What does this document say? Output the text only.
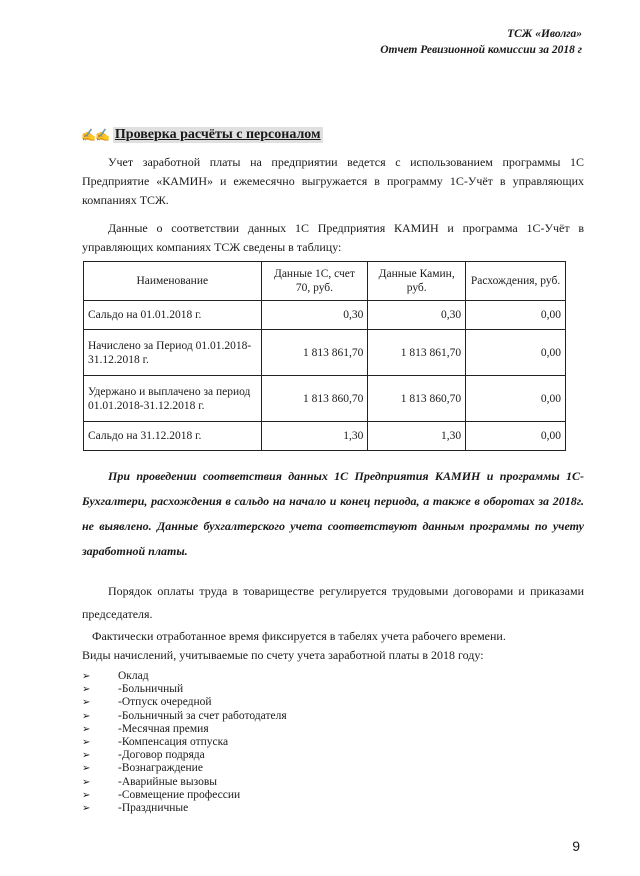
ТСЖ «Иволга»
Отчет Ревизионной комиссии за 2018 г
✍✍ Проверка расчёты с персоналом

Учет заработной платы на предприятии ведется с использованием программы 1С Предприятие «КАМИН» и ежемесячно выгружается в программу 1С-Учёт в управляющих компаниях ТСЖ.

Данные о соответствии данных 1С Предприятия КАМИН и программа 1С-Учёт в управляющих компаниях ТСЖ сведены в таблицу:

Наименование	Данные 1С, счет 70, руб.	Данные Камин, руб.	Расхождения, руб.
Сальдо на 01.01.2018 г.	0,30	0,30	0,00
Начислено за Период 01.01.2018-31.12.2018 г.	1 813 861,70	1 813 861,70	0,00
Удержано и выплачено за период 01.01.2018-31.12.2018 г.	1 813 860,70	1 813 860,70	0,00
Сальдо на 31.12.2018 г.	1,30	1,30	0,00

При проведении соответствия данных 1С Предприятия КАМИН и программы 1С-Бухгалтери, расхождения в сальдо на начало и конец периода, а также в оборотах за 2018г. не выявлено. Данные бухгалтерского учета соответствуют данным программы по учету заработной платы.

Порядок оплаты труда в товариществе регулируется трудовыми договорами и приказами председателя.

Фактически отработанное время фиксируется в табелях учета рабочего времени.

Виды начислений, учитываемые по счету учета заработной платы в 2018 году:

➢	Оклад
➢	-Больничный
➢	-Отпуск очередной
➢	-Больничный за счет работодателя
➢	-Месячная премия
➢	-Компенсация отпуска
➢	-Договор подряда
➢	-Вознаграждение
➢	-Аварийные вызовы
➢	-Совмещение професcии
➢	-Праздничные
9
